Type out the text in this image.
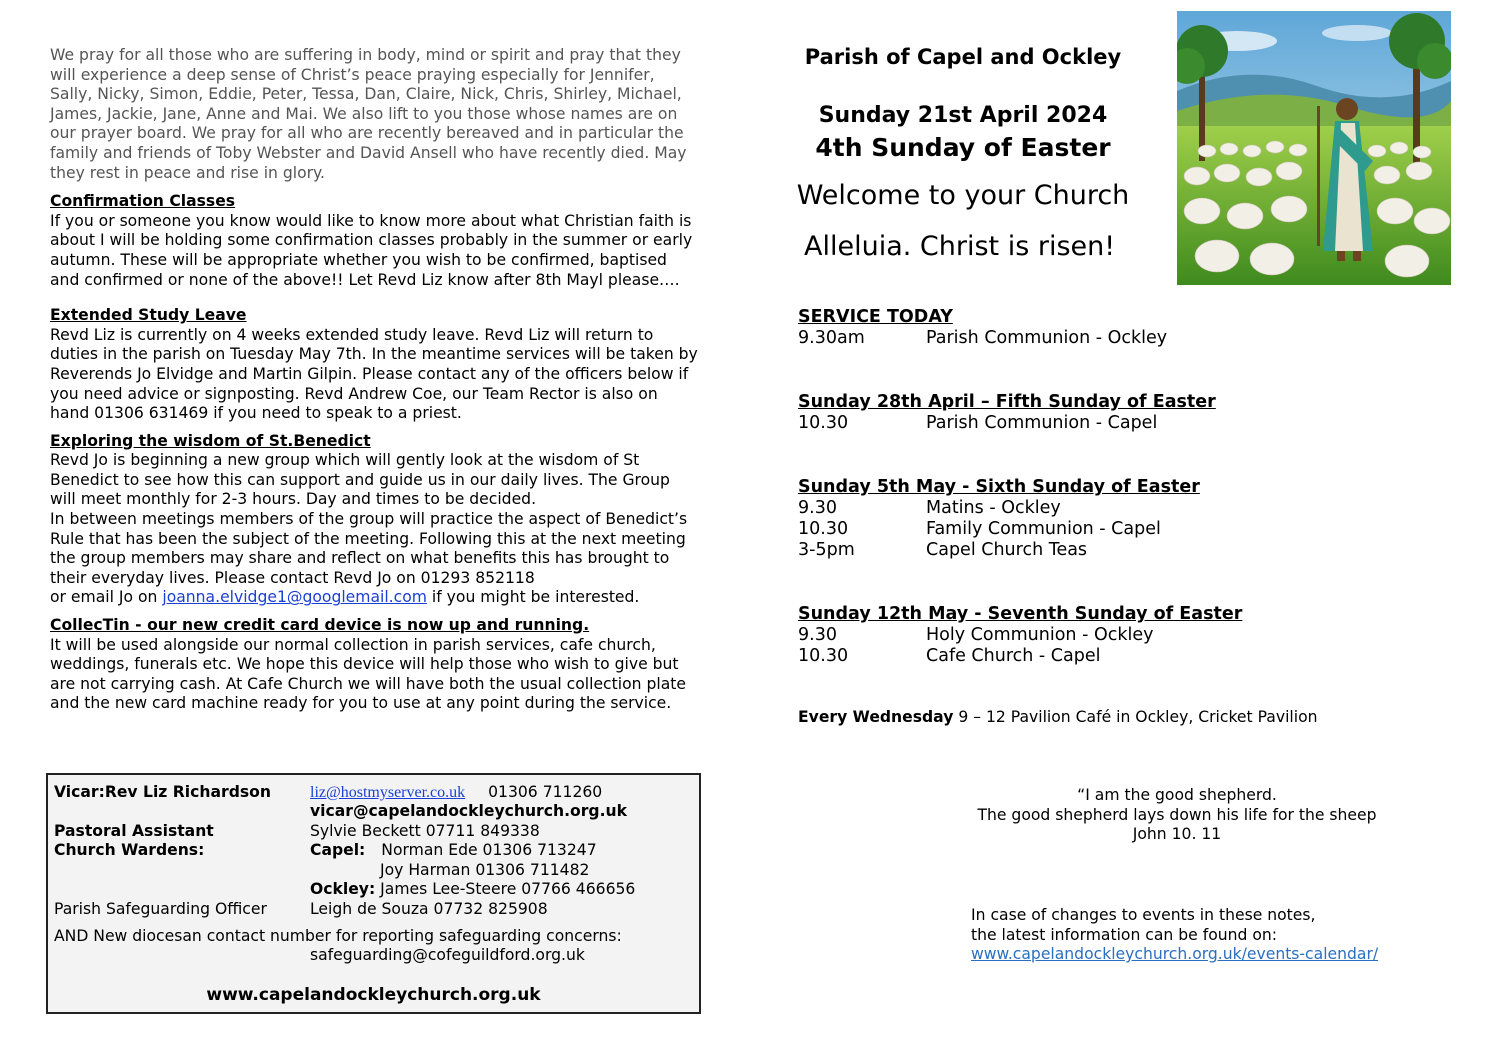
We pray for all those who are suffering in body, mind or spirit and pray that they will experience a deep sense of Christ’s peace praying especially for Jennifer, Sally, Nicky, Simon, Eddie, Peter, Tessa, Dan, Claire, Nick, Chris, Shirley, Michael, James, Jackie, Jane, Anne and Mai. We also lift to you those whose names are on our prayer board. We pray for all who are recently bereaved and in particular the family and friends of Toby Webster and David Ansell who have recently died. May they rest in peace and rise in glory.

Confirmation Classes

If you or someone you know would like to know more about what Christian faith is about I will be holding some confirmation classes probably in the summer or early autumn. These will be appropriate whether you wish to be confirmed, baptised and confirmed or none of the above!! Let Revd Liz know after 8th Mayl please….

Extended Study Leave

Revd Liz is currently on 4 weeks extended study leave. Revd Liz will return to duties in the parish on Tuesday May 7th. In the meantime services will be taken by Reverends Jo Elvidge and Martin Gilpin. Please contact any of the officers below if you need advice or signposting. Revd Andrew Coe, our Team Rector is also on hand 01306 631469 if you need to speak to a priest.

Exploring the wisdom of St.Benedict

Revd Jo is beginning a new group which will gently look at the wisdom of St Benedict to see how this can support and guide us in our daily lives. The Group will meet monthly for 2-3 hours. Day and times to be decided.

In between meetings members of the group will practice the aspect of Benedict’s Rule that has been the subject of the meeting. Following this at the next meeting the group members may share and reflect on what benefits this has brought to their everyday lives. Please contact Revd Jo on 01293 852118

or email Jo on joanna.elvidge1@googlemail.com if you might be interested.

CollecTin - our new credit card device is now up and running.

It will be used alongside our normal collection in parish services, cafe church, weddings, funerals etc. We hope this device will help those who wish to give but are not carrying cash. At Cafe Church we will have both the usual collection plate and the new card machine ready for you to use at any point during the service.

Vicar:Rev Liz Richardson liz@hostmyserver.co.uk 01306 711260
vicar@capelandockleychurch.org.uk
Pastoral Assistant	Sylvie Beckett 07711 849338
Church Wardens:	Capel: Norman Ede 01306 713247
Joy Harman 01306 711482
Ockley: James Lee-Steere 07766 466656
Parish Safeguarding Officer	Leigh de Souza 07732 825908
AND New diocesan contact number for reporting safeguarding concerns:
safeguarding@cofeguildford.org.uk
www.capelandockleychurch.org.uk
Parish of Capel and Ockley
Sunday 21st April 2024
4th Sunday of Easter
Welcome to your Church
Alleluia. Christ is risen!
SERVICE TODAY
9.30am	Parish Communion - Ockley
Sunday 28th April – Fifth Sunday of Easter
10.30	Parish Communion - Capel
Sunday 5th May - Sixth Sunday of Easter
9.30	Matins - Ockley
10.30	Family Communion - Capel
3-5pm	Capel Church Teas
Sunday 12th May - Seventh Sunday of Easter
9.30	Holy Communion - Ockley
10.30	Cafe Church - Capel
Every Wednesday 9 – 12 Pavilion Café in Ockley, Cricket Pavilion
“I am the good shepherd.
The good shepherd lays down his life for the sheep
John 10. 11
In case of changes to events in these notes,
the latest information can be found on:
www.capelandockleychurch.org.uk/events-calendar/
